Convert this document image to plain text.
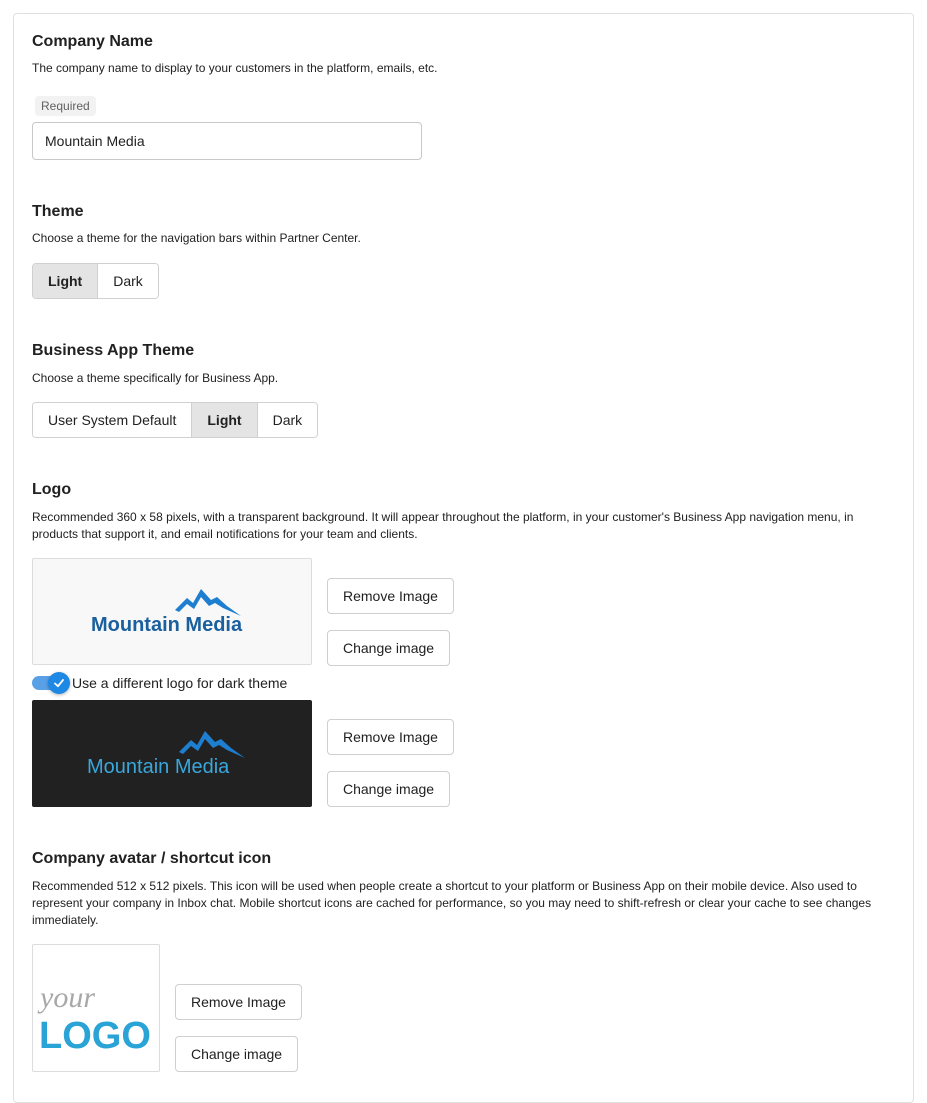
Company Name
The company name to display to your customers in the platform, emails, etc.
Required
Mountain Media
Theme
Choose a theme for the navigation bars within Partner Center.
Light	Dark
Business App Theme
Choose a theme specifically for Business App.
User System Default	Light	Dark
Logo
Recommended 360 x 58 pixels, with a transparent background. It will appear throughout the platform, in your customer's Business App navigation menu, in products that support it, and email notifications for your team and clients.
Mountain Media
Remove Image
Change image
Use a different logo for dark theme
Mountain Media
Remove Image
Change image
Company avatar / shortcut icon
Recommended 512 x 512 pixels. This icon will be used when people create a shortcut to your platform or Business App on their mobile device. Also used to represent your company in Inbox chat. Mobile shortcut icons are cached for performance, so you may need to shift-refresh or clear your cache to see changes immediately.
your
LOGO
Remove Image
Change image
